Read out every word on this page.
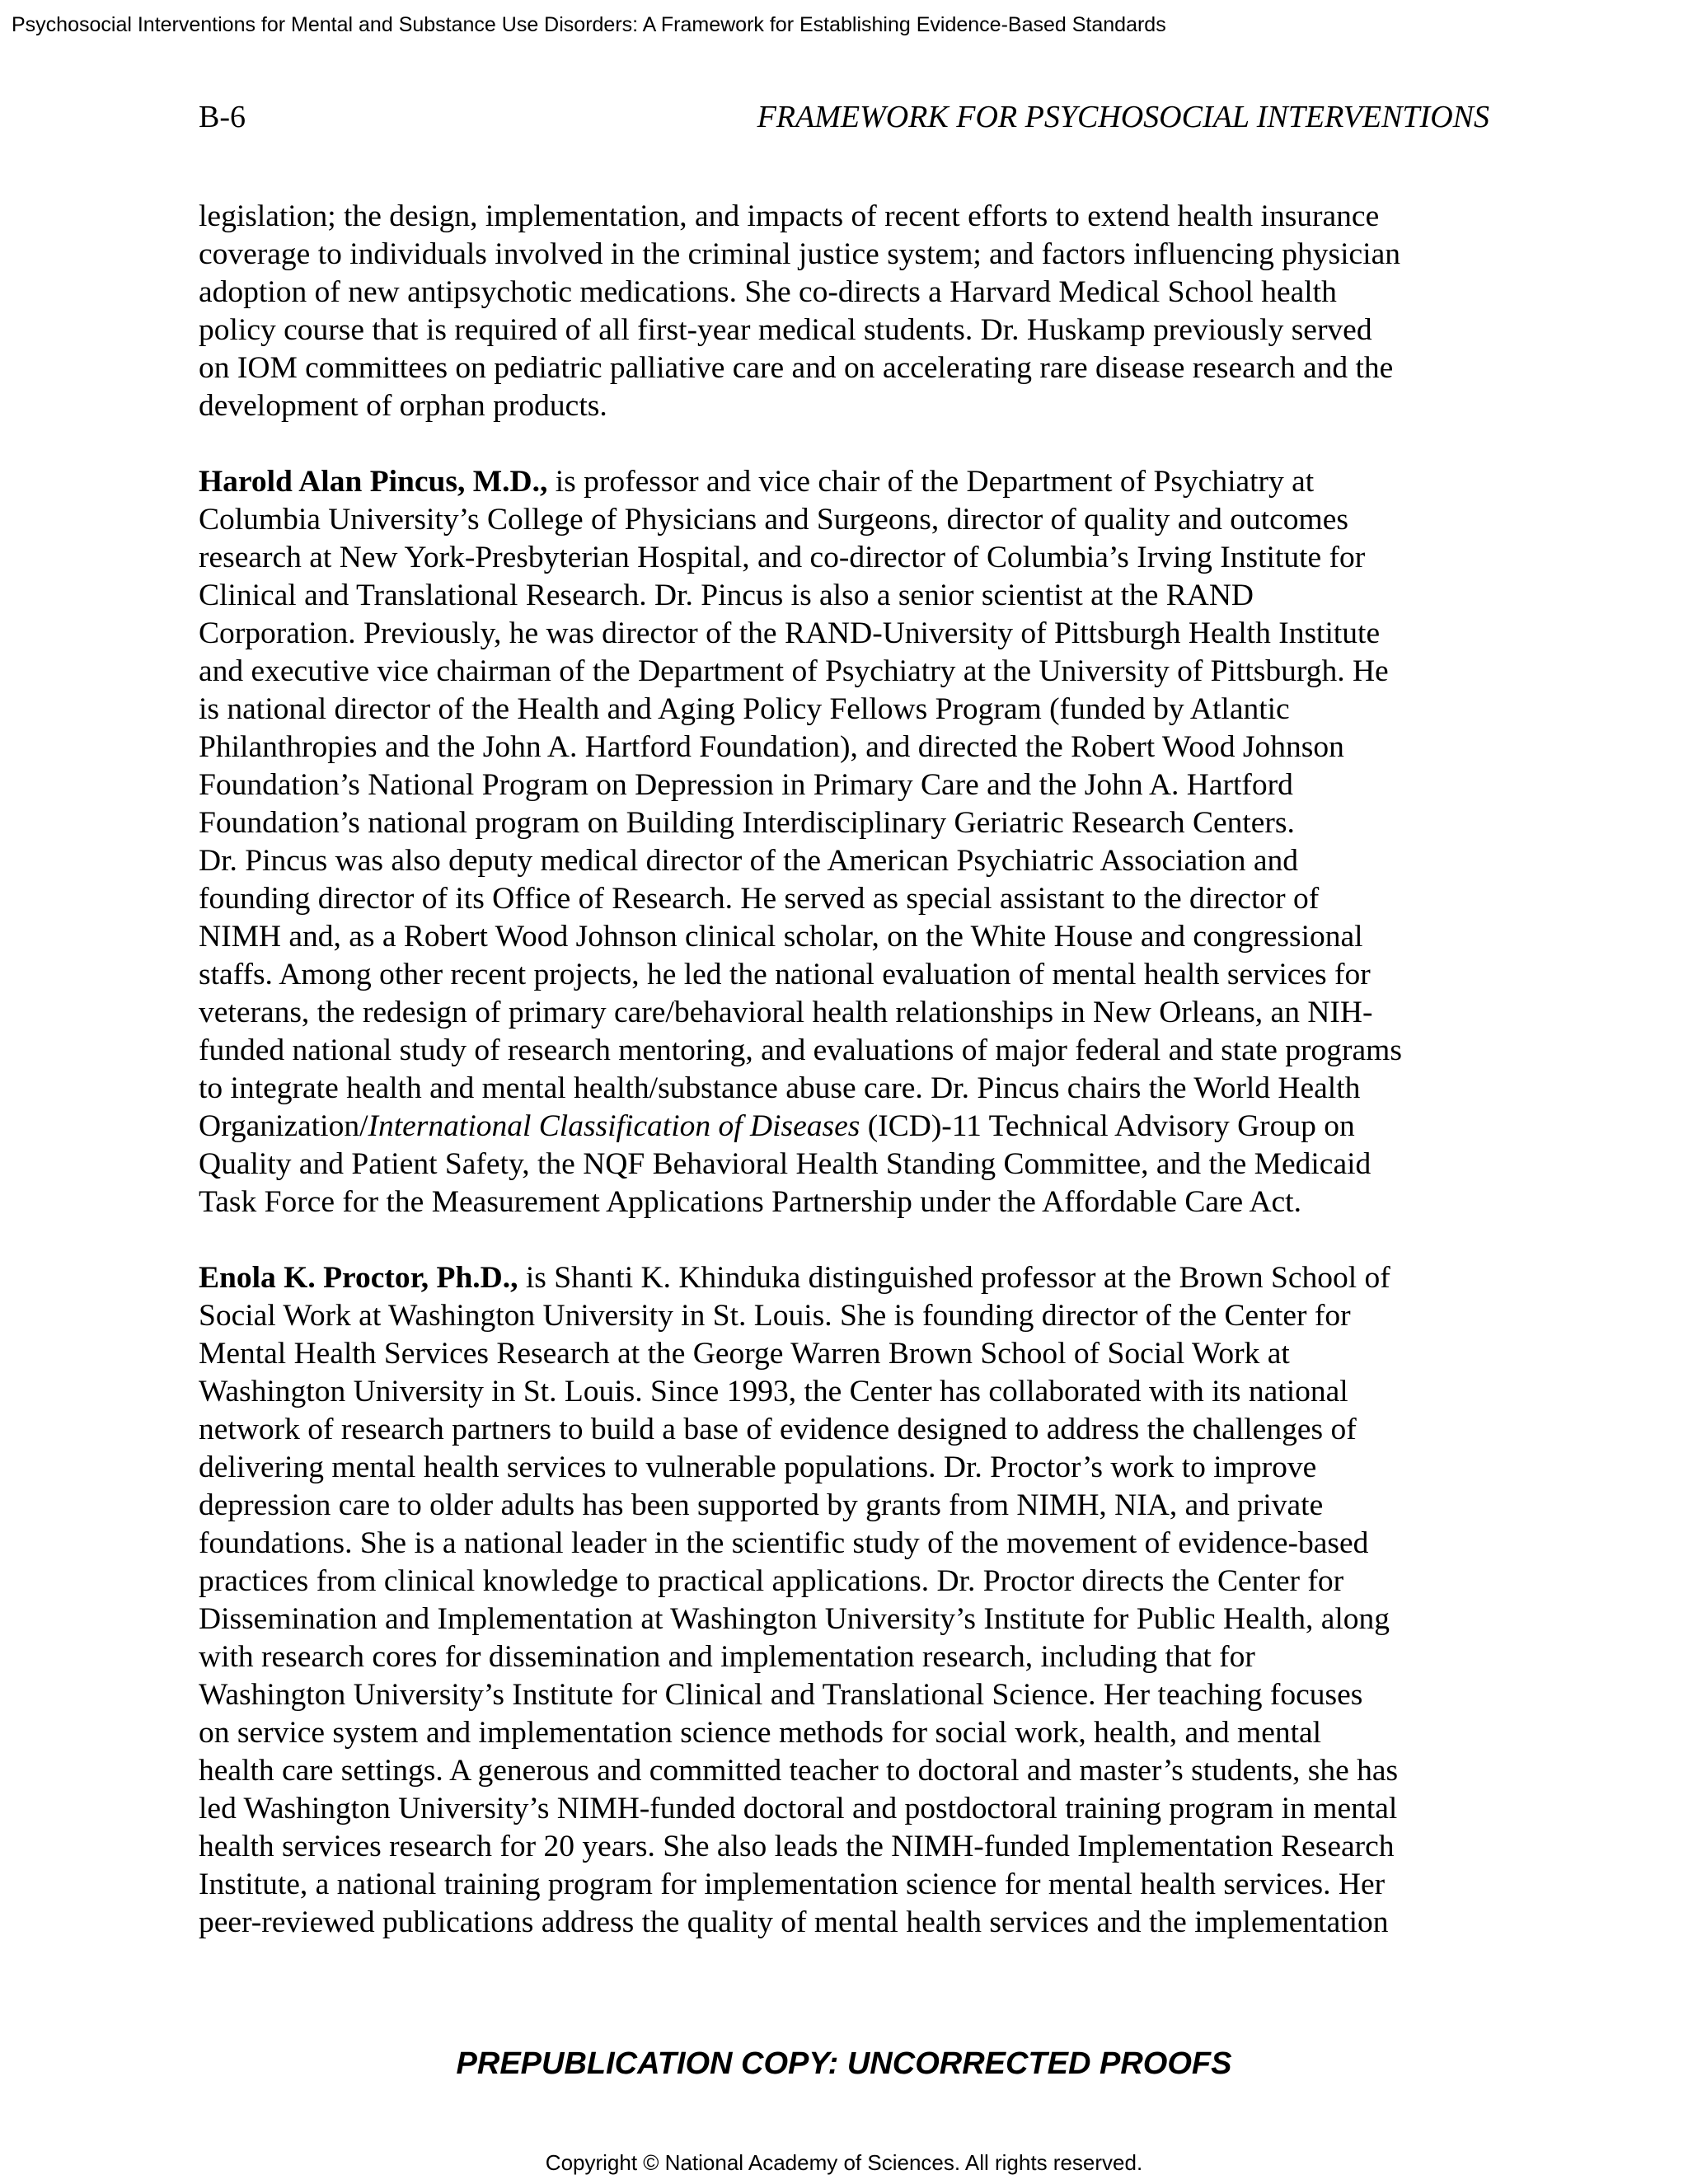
Psychosocial Interventions for Mental and Substance Use Disorders: A Framework for Establishing Evidence-Based Standards
B-6	FRAMEWORK FOR PSYCHOSOCIAL INTERVENTIONS

legislation; the design, implementation, and impacts of recent efforts to extend health insurance
coverage to individuals involved in the criminal justice system; and factors influencing physician
adoption of new antipsychotic medications. She co-directs a Harvard Medical School health
policy course that is required of all first-year medical students. Dr. Huskamp previously served
on IOM committees on pediatric palliative care and on accelerating rare disease research and the
development of orphan products.

Harold Alan Pincus, M.D., is professor and vice chair of the Department of Psychiatry at
Columbia University’s College of Physicians and Surgeons, director of quality and outcomes
research at New York-Presbyterian Hospital, and co-director of Columbia’s Irving Institute for
Clinical and Translational Research. Dr. Pincus is also a senior scientist at the RAND
Corporation. Previously, he was director of the RAND-University of Pittsburgh Health Institute
and executive vice chairman of the Department of Psychiatry at the University of Pittsburgh. He
is national director of the Health and Aging Policy Fellows Program (funded by Atlantic
Philanthropies and the John A. Hartford Foundation), and directed the Robert Wood Johnson
Foundation’s National Program on Depression in Primary Care and the John A. Hartford
Foundation’s national program on Building Interdisciplinary Geriatric Research Centers.
Dr. Pincus was also deputy medical director of the American Psychiatric Association and
founding director of its Office of Research. He served as special assistant to the director of
NIMH and, as a Robert Wood Johnson clinical scholar, on the White House and congressional
staffs. Among other recent projects, he led the national evaluation of mental health services for
veterans, the redesign of primary care/behavioral health relationships in New Orleans, an NIH-
funded national study of research mentoring, and evaluations of major federal and state programs
to integrate health and mental health/substance abuse care. Dr. Pincus chairs the World Health
Organization/International Classification of Diseases (ICD)-11 Technical Advisory Group on
Quality and Patient Safety, the NQF Behavioral Health Standing Committee, and the Medicaid
Task Force for the Measurement Applications Partnership under the Affordable Care Act.

Enola K. Proctor, Ph.D., is Shanti K. Khinduka distinguished professor at the Brown School of
Social Work at Washington University in St. Louis. She is founding director of the Center for
Mental Health Services Research at the George Warren Brown School of Social Work at
Washington University in St. Louis. Since 1993, the Center has collaborated with its national
network of research partners to build a base of evidence designed to address the challenges of
delivering mental health services to vulnerable populations. Dr. Proctor’s work to improve
depression care to older adults has been supported by grants from NIMH, NIA, and private
foundations. She is a national leader in the scientific study of the movement of evidence-based
practices from clinical knowledge to practical applications. Dr. Proctor directs the Center for
Dissemination and Implementation at Washington University’s Institute for Public Health, along
with research cores for dissemination and implementation research, including that for
Washington University’s Institute for Clinical and Translational Science. Her teaching focuses
on service system and implementation science methods for social work, health, and mental
health care settings. A generous and committed teacher to doctoral and master’s students, she has
led Washington University’s NIMH-funded doctoral and postdoctoral training program in mental
health services research for 20 years. She also leads the NIMH-funded Implementation Research
Institute, a national training program for implementation science for mental health services. Her
peer-reviewed publications address the quality of mental health services and the implementation

PREPUBLICATION COPY: UNCORRECTED PROOFS
Copyright © National Academy of Sciences. All rights reserved.
